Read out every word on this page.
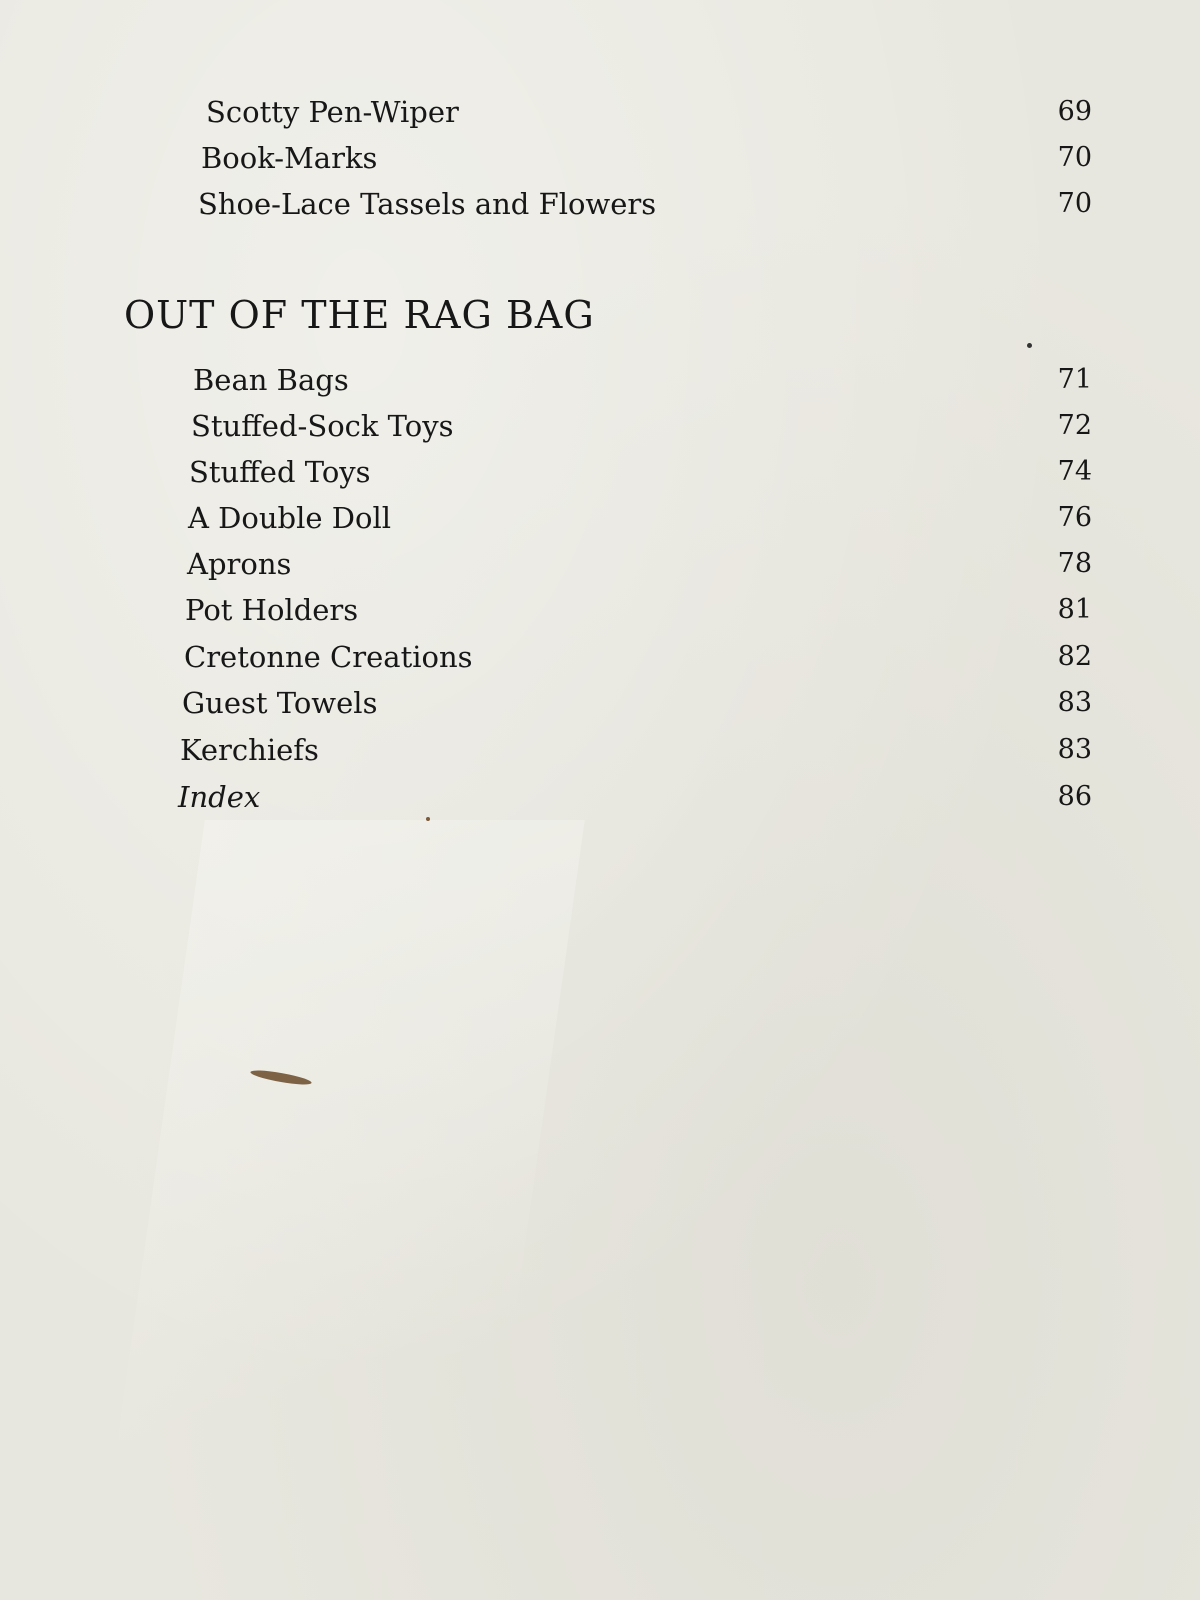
Scotty Pen-Wiper	69
Book-Marks	70
Shoe-Lace Tassels and Flowers	70
OUT OF THE RAG BAG
Bean Bags	71
Stuffed-Sock Toys	72
Stuffed Toys	74
A Double Doll	76
Aprons	78
Pot Holders	81
Cretonne Creations	82
Guest Towels	83
Kerchiefs	83
Index	86
